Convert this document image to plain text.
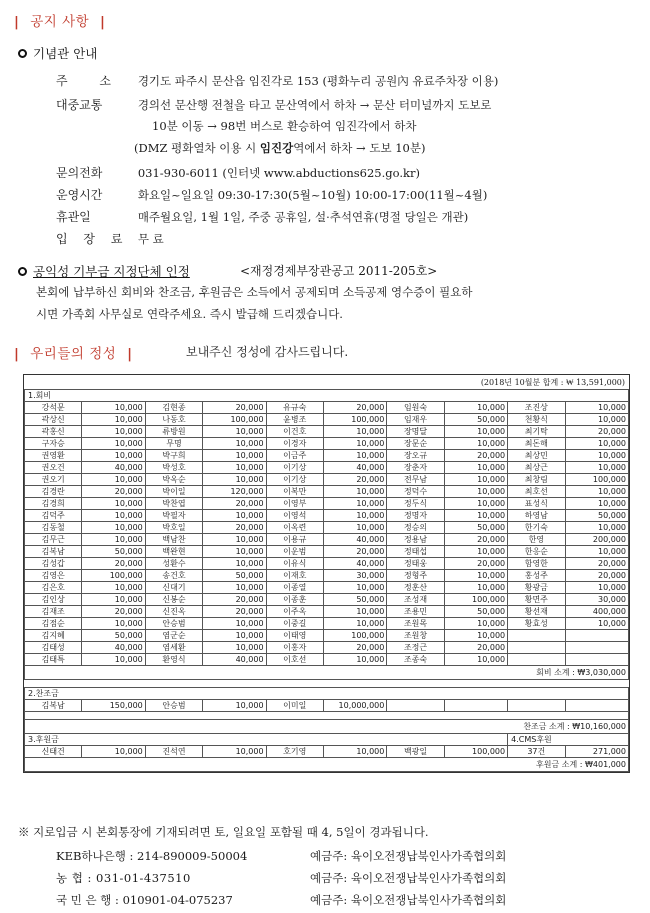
| 공지 사항 |
기념관 안내
주 소 경기도 파주시 문산읍 임진각로 153 (평화누리 공원內 유료주차장 이용)
대중교통	경의선 문산행 전철을 타고 문산역에서 하차 → 문산 터미널까지 도보로
10분 이동 → 98번 버스로 환승하여 임진각에서 하차
(DMZ 평화열차 이용 시 임진강역에서 하차 → 도보 10분)
문의전화	031-930-6011 (인터넷 www.abductions625.go.kr)
운영시간	화요일~일요일 09:30-17:30(5월~10월) 10:00-17:00(11월~4월)
휴관일	매주월요일, 1월 1일, 주중 공휴일, 설·추석연휴(명절 당일은 개관)
입 장 료 무 료
공익성 기부금 지정단체 인정	<재정경제부장관공고 2011-205호>
본회에 납부하신 회비와 찬조금, 후원금은 소득에서 공제되며 소득공제 영수증이 필요하
시면 가족회 사무실로 연락주세요. 즉시 발급해 드리겠습니다.
| 우리들의 정성 |	보내주신 정성에 감사드립니다.
(2018년 10월분 합계 : ₩ 13,591,000)
1.회비									
강석문	10,000	김현종	20,000	유규숙	20,000	임원숙	10,000	조진상	10,000
곽상신	10,000	나동호	100,000	윤병조	100,000	임재우	50,000	천황식	10,000
곽홍신	10,000	류방원	10,000	이건호	10,000	장명달	10,000	최기탁	20,000
구자승	10,000	무명	10,000	이경자	10,000	장문순	10,000	최돈해	10,000
권영환	10,000	박구희	10,000	이금주	10,000	장오규	20,000	최상민	10,000
권오건	40,000	박성호	10,000	이기상	40,000	장춘자	10,000	최상근	10,000
권오기	10,000	박옥순	10,000	이기상	20,000	전무남	10,000	최창림	100,000
김경란	20,000	박이일	120,000	이복만	10,000	정덕수	10,000	최호선	10,000
김경희	10,000	박찬엽	20,000	이영부	10,000	정두식	10,000	표성식	10,000
김덕주	10,000	박필자	10,000	이영석	10,000	정명자	10,000	하영남	50,000
김동철	10,000	박호일	20,000	이옥련	10,000	정승의	50,000	한기숙	10,000
김무근	10,000	백남찬	10,000	이용규	40,000	정용남	20,000	한영	200,000
김복남	50,000	백완현	10,000	이운범	20,000	정태섭	10,000	한응순	10,000
김성갑	20,000	성환수	10,000	이유식	40,000	정태웅	20,000	함영한	20,000
김영은	100,000	송건호	50,000	이재호	30,000	정형주	10,000	홍성주	20,000
김은호	10,000	신대기	10,000	이종열	10,000	정훈산	10,000	황광금	10,000
김인상	10,000	신봉순	20,000	이종훈	50,000	조성재	100,000	황면주	30,000
김재조	20,000	신진옥	20,000	이주옥	10,000	조용민	50,000	황선재	400,000
김점순	10,000	안승범	10,000	이중길	10,000	조원목	10,000	황효성	10,000
김지혜	50,000	염군순	10,000	이태영	100,000	조원창	10,000		
김태성	40,000	염세환	10,000	이홍자	20,000	조정근	20,000		
김태특	10,000	환영식	40,000	이호선	10,000	조종숙	10,000		
회비 소계 : ₩3,030,000									

2.찬조금									
김복남	150,000	안승범	10,000	이미일	10,000,000				

찬조금 소계 : ₩10,160,000									
3.후원금								4.CMS후원	
신태건	10,000	진석연	10,000	호기영	10,000	백광일	100,000	37건	271,000
후원금 소계 : ₩401,000									
※ 지로입금 시 본회통장에 기재되려면 토, 일요일 포함될 때 4, 5일이 경과됩니다.
KEB하나은행 : 214-890009-50004	예금주: 육이오전쟁납북인사가족협의회
농 협 : 031-01-437510	예금주: 육이오전쟁납북인사가족협의회
국 민 은 행 : 010901-04-075237	예금주: 육이오전쟁납북인사가족협의회
